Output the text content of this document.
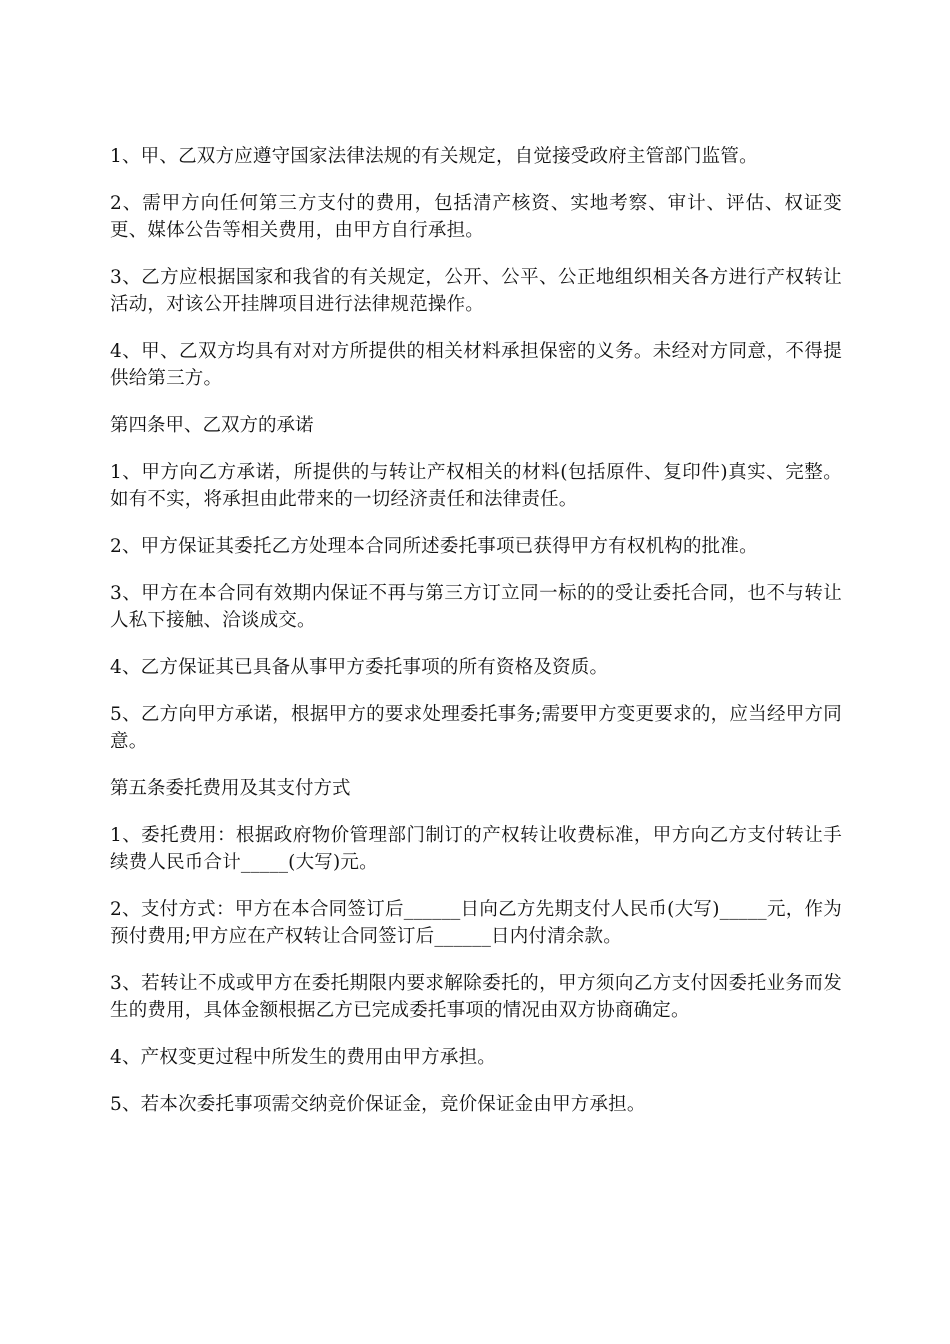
1、甲、乙双方应遵守国家法律法规的有关规定，自觉接受政府主管部门监管。

2、需甲方向任何第三方支付的费用，包括清产核资、实地考察、审计、评估、权证变更、媒体公告等相关费用，由甲方自行承担。

3、乙方应根据国家和我省的有关规定，公开、公平、公正地组织相关各方进行产权转让活动，对该公开挂牌项目进行法律规范操作。

4、甲、乙双方均具有对对方所提供的相关材料承担保密的义务。未经对方同意，不得提供给第三方。

第四条甲、乙双方的承诺

1、甲方向乙方承诺，所提供的与转让产权相关的材料(包括原件、复印件)真实、完整。如有不实，将承担由此带来的一切经济责任和法律责任。

2、甲方保证其委托乙方处理本合同所述委托事项已获得甲方有权机构的批准。

3、甲方在本合同有效期内保证不再与第三方订立同一标的的受让委托合同，也不与转让人私下接触、洽谈成交。

4、乙方保证其已具备从事甲方委托事项的所有资格及资质。

5、乙方向甲方承诺，根据甲方的要求处理委托事务;需要甲方变更要求的，应当经甲方同意。

第五条委托费用及其支付方式

1、委托费用：根据政府物价管理部门制订的产权转让收费标准，甲方向乙方支付转让手续费人民币合计_____(大写)元。

2、支付方式：甲方在本合同签订后______日向乙方先期支付人民币(大写)_____元，作为预付费用;甲方应在产权转让合同签订后______日内付清余款。

3、若转让不成或甲方在委托期限内要求解除委托的，甲方须向乙方支付因委托业务而发生的费用，具体金额根据乙方已完成委托事项的情况由双方协商确定。

4、产权变更过程中所发生的费用由甲方承担。

5、若本次委托事项需交纳竞价保证金，竞价保证金由甲方承担。
